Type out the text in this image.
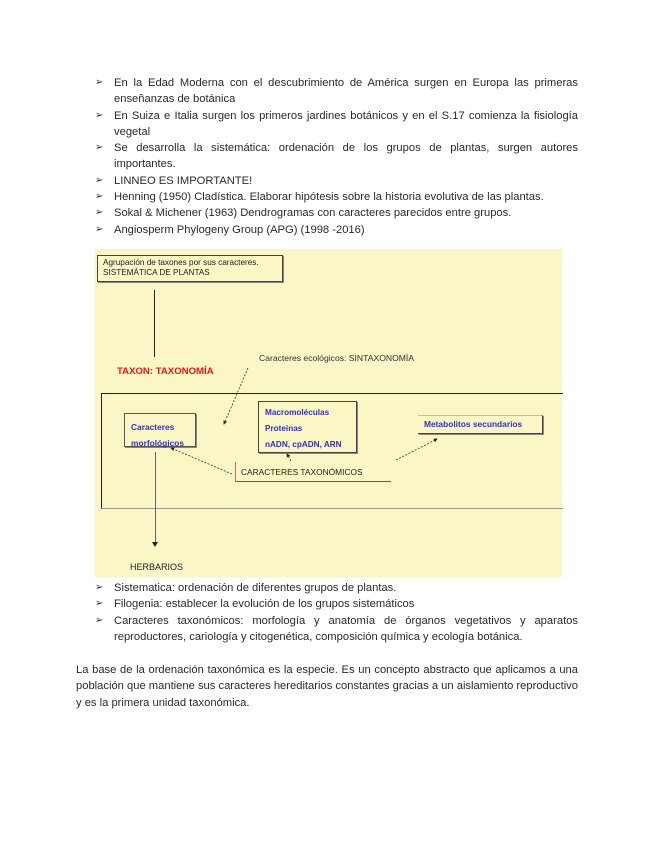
➢ En la Edad Moderna con el descubrimiento de América surgen en Europa las primeras enseñanzas de botánica
➢ En Suiza e Italia surgen los primeros jardines botánicos y en el S.17 comienza la fisiología vegetal
➢ Se desarrolla la sistemática: ordenación de los grupos de plantas, surgen autores importantes.
➢ LINNEO ES IMPORTANTE!
➢ Henning (1950) Cladística. Elaborar hipótesis sobre la historia evolutiva de las plantas.
➢ Sokal & Michener (1963) Dendrogramas con caracteres parecidos entre grupos.
➢ Angiosperm Phylogeny Group (APG) (1998 -2016)
Agrupación de taxones por sus caracteres.
SISTEMÁTICA DE PLANTAS
TAXON: TAXONOMÍA
Caracteres ecológicos: SINTAXONOMÍA
Caracteres
morfológicos
Macromoléculas
Proteinas
nADN, cpADN, ARN
Metabolitos secundarios
CARACTERES TAXONÓMICOS
HERBARIOS
➢ Sistematica: ordenación de diferentes grupos de plantas.
➢ Filogenia: establecer la evolución de los grupos sistemáticos
➢ Caracteres taxonómicos: morfología y anatomía de órganos vegetativos y aparatos reproductores, cariología y citogenética, composición química y ecología botánica.

La base de la ordenación taxonómica es la especie. Es un concepto abstracto que aplicamos a una población que mantiene sus caracteres hereditarios constantes gracias a un aislamiento reproductivo y es la primera unidad taxonómica.
